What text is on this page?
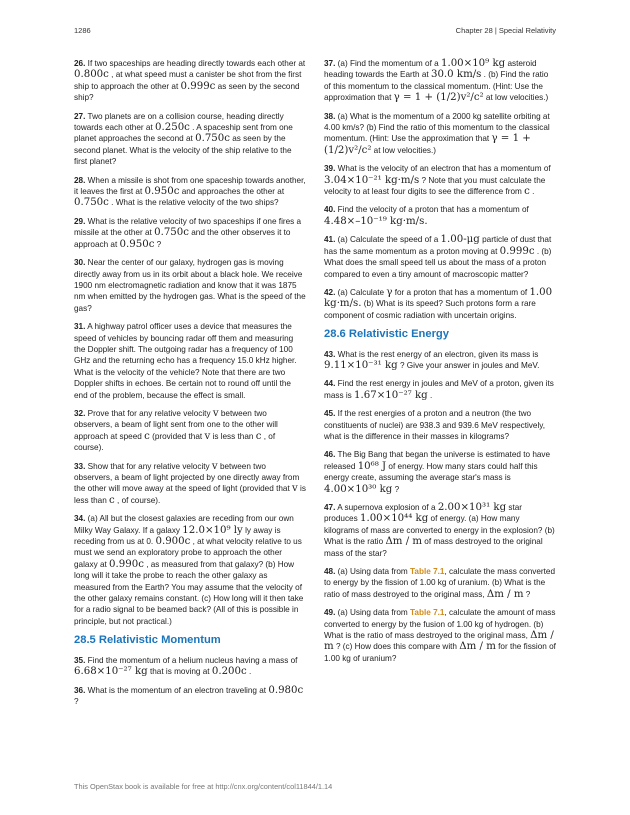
1286	Chapter 28 | Special Relativity

26. If two spaceships are heading directly towards each other at 0.800c , at what speed must a canister be shot from the first ship to approach the other at 0.999c as seen by the second ship?

27. Two planets are on a collision course, heading directly towards each other at 0.250c . A spaceship sent from one planet approaches the second at 0.750c as seen by the second planet. What is the velocity of the ship relative to the first planet?

28. When a missile is shot from one spaceship towards another, it leaves the first at 0.950c and approaches the other at 0.750c . What is the relative velocity of the two ships?

29. What is the relative velocity of two spaceships if one fires a missile at the other at 0.750c and the other observes it to approach at 0.950c ?

30. Near the center of our galaxy, hydrogen gas is moving directly away from us in its orbit about a black hole. We receive 1900 nm electromagnetic radiation and know that it was 1875 nm when emitted by the hydrogen gas. What is the speed of the gas?

31. A highway patrol officer uses a device that measures the speed of vehicles by bouncing radar off them and measuring the Doppler shift. The outgoing radar has a frequency of 100 GHz and the returning echo has a frequency 15.0 kHz higher. What is the velocity of the vehicle? Note that there are two Doppler shifts in echoes. Be certain not to round off until the end of the problem, because the effect is small.

32. Prove that for any relative velocity v between two observers, a beam of light sent from one to the other will approach at speed c (provided that v is less than c , of course).

33. Show that for any relative velocity v between two observers, a beam of light projected by one directly away from the other will move away at the speed of light (provided that v is less than c , of course).

34. (a) All but the closest galaxies are receding from our own Milky Way Galaxy. If a galaxy 12.0×10⁹ ly ly away is receding from us at 0. 0.900c , at what velocity relative to us must we send an exploratory probe to approach the other galaxy at 0.990c , as measured from that galaxy? (b) How long will it take the probe to reach the other galaxy as measured from the Earth? You may assume that the velocity of the other galaxy remains constant. (c) How long will it then take for a radio signal to be beamed back? (All of this is possible in principle, but not practical.)

28.5 Relativistic Momentum

35. Find the momentum of a helium nucleus having a mass of 6.68×10⁻²⁷ kg that is moving at 0.200c .

36. What is the momentum of an electron traveling at 0.980c ?

37. (a) Find the momentum of a 1.00×10⁹ kg asteroid heading towards the Earth at 30.0 km/s . (b) Find the ratio of this momentum to the classical momentum. (Hint: Use the approximation that γ = 1 + (1/2)v²/c² at low velocities.)

38. (a) What is the momentum of a 2000 kg satellite orbiting at 4.00 km/s? (b) Find the ratio of this momentum to the classical momentum. (Hint: Use the approximation that γ = 1 + (1/2)v²/c² at low velocities.)

39. What is the velocity of an electron that has a momentum of 3.04×10⁻²¹ kg·m/s ? Note that you must calculate the velocity to at least four digits to see the difference from c .

40. Find the velocity of a proton that has a momentum of 4.48×–10⁻¹⁹ kg·m/s.

41. (a) Calculate the speed of a 1.00-μg particle of dust that has the same momentum as a proton moving at 0.999c . (b) What does the small speed tell us about the mass of a proton compared to even a tiny amount of macroscopic matter?

42. (a) Calculate γ for a proton that has a momentum of 1.00 kg·m/s. (b) What is its speed? Such protons form a rare component of cosmic radiation with uncertain origins.

28.6 Relativistic Energy

43. What is the rest energy of an electron, given its mass is 9.11×10⁻³¹ kg ? Give your answer in joules and MeV.

44. Find the rest energy in joules and MeV of a proton, given its mass is 1.67×10⁻²⁷ kg .

45. If the rest energies of a proton and a neutron (the two constituents of nuclei) are 938.3 and 939.6 MeV respectively, what is the difference in their masses in kilograms?

46. The Big Bang that began the universe is estimated to have released 10⁶⁸ J of energy. How many stars could half this energy create, assuming the average star's mass is 4.00×10³⁰ kg ?

47. A supernova explosion of a 2.00×10³¹ kg star produces 1.00×10⁴⁴ kg of energy. (a) How many kilograms of mass are converted to energy in the explosion? (b) What is the ratio Δm / m of mass destroyed to the original mass of the star?

48. (a) Using data from Table 7.1, calculate the mass converted to energy by the fission of 1.00 kg of uranium. (b) What is the ratio of mass destroyed to the original mass, Δm / m ?

49. (a) Using data from Table 7.1, calculate the amount of mass converted to energy by the fusion of 1.00 kg of hydrogen. (b) What is the ratio of mass destroyed to the original mass, Δm / m ? (c) How does this compare with Δm / m for the fission of 1.00 kg of uranium?

This OpenStax book is available for free at http://cnx.org/content/col11844/1.14
